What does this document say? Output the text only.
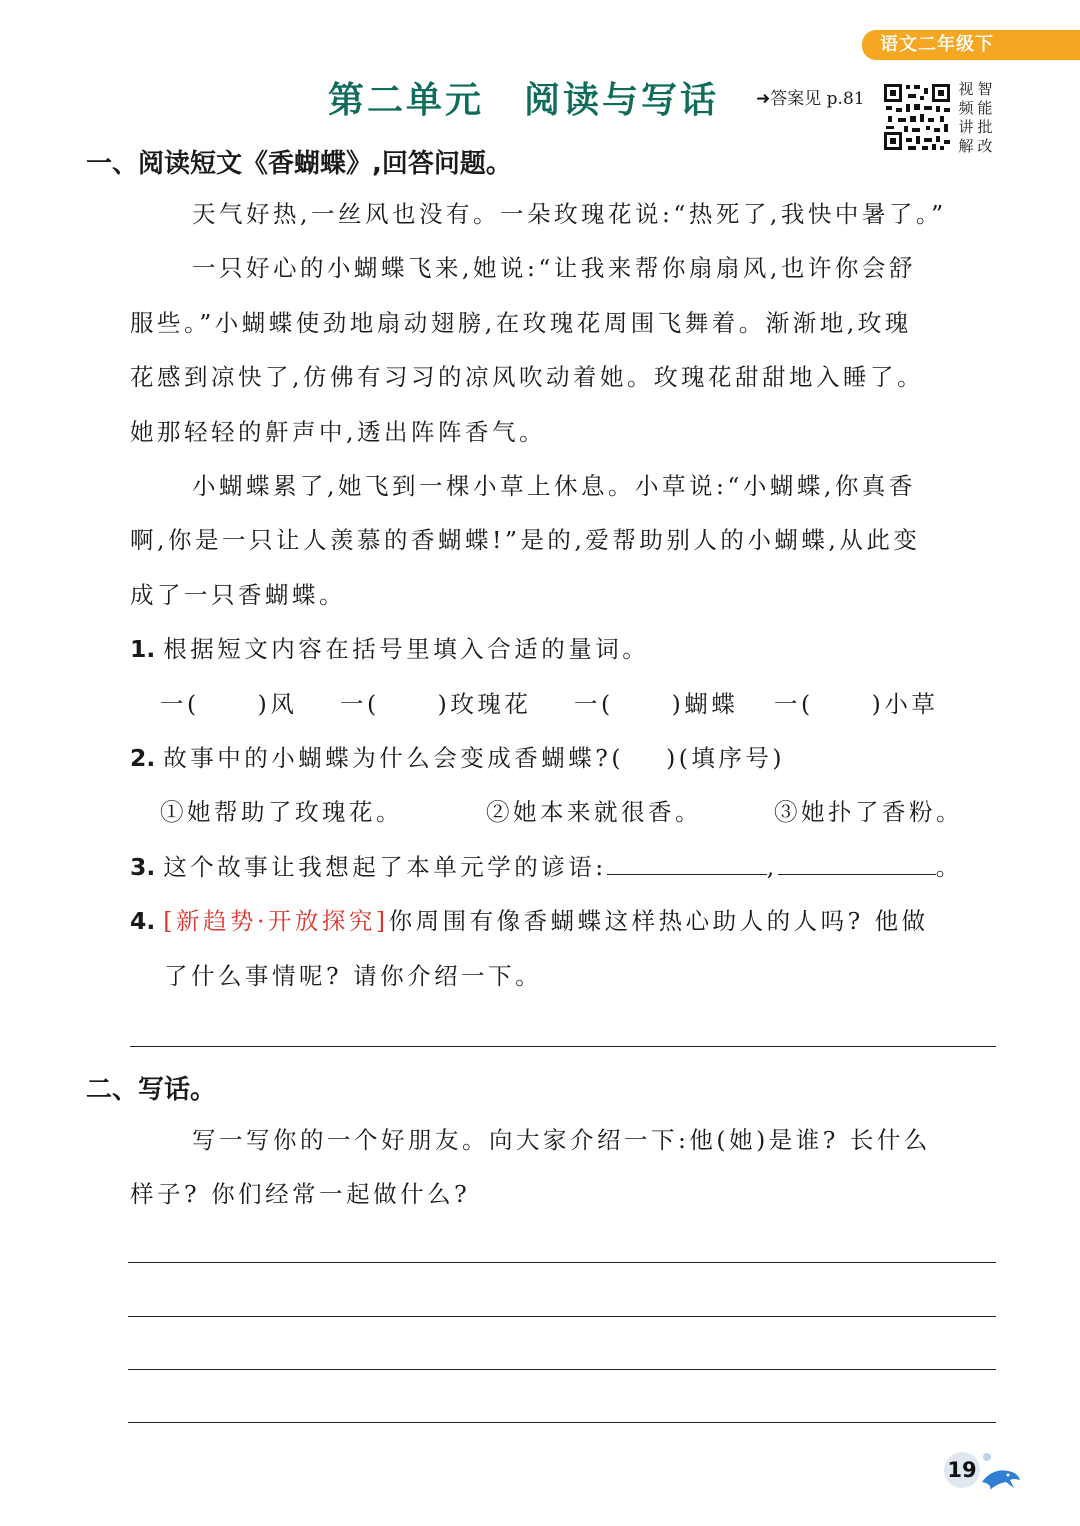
语文二年级下
第二单元 阅读与写话 ➜答案见 p.81	视频讲解
智能批改
一、阅读短文《香蝴蝶》,回答问题。
天气好热,一丝风也没有。一朵玫瑰花说:“热死了,我快中暑了。”
一只好心的小蝴蝶飞来,她说:“让我来帮你扇扇风,也许你会舒
服些。”小蝴蝶使劲地扇动翅膀,在玫瑰花周围飞舞着。渐渐地,玫瑰
花感到凉快了,仿佛有习习的凉风吹动着她。玫瑰花甜甜地入睡了。
她那轻轻的鼾声中,透出阵阵香气。
小蝴蝶累了,她飞到一棵小草上休息。小草说:“小蝴蝶,你真香
啊,你是一只让人羡慕的香蝴蝶!”是的,爱帮助别人的小蝴蝶,从此变
成了一只香蝴蝶。
1. 根据短文内容在括号里填入合适的量词。
一( )风 一( )玫瑰花 一( )蝴蝶 一( )小草
2. 故事中的小蝴蝶为什么会变成香蝴蝶?( )(填序号)
①她帮助了玫瑰花。	②她本来就很香。	③她扑了香粉。
3. 这个故事让我想起了本单元学的谚语:	,	。
4. [新趋势·开放探究]你周围有像香蝴蝶这样热心助人的人吗? 他做
了什么事情呢? 请你介绍一下。
二、写话。
写一写你的一个好朋友。向大家介绍一下:他(她)是谁? 长什么
样子? 你们经常一起做什么?
19
